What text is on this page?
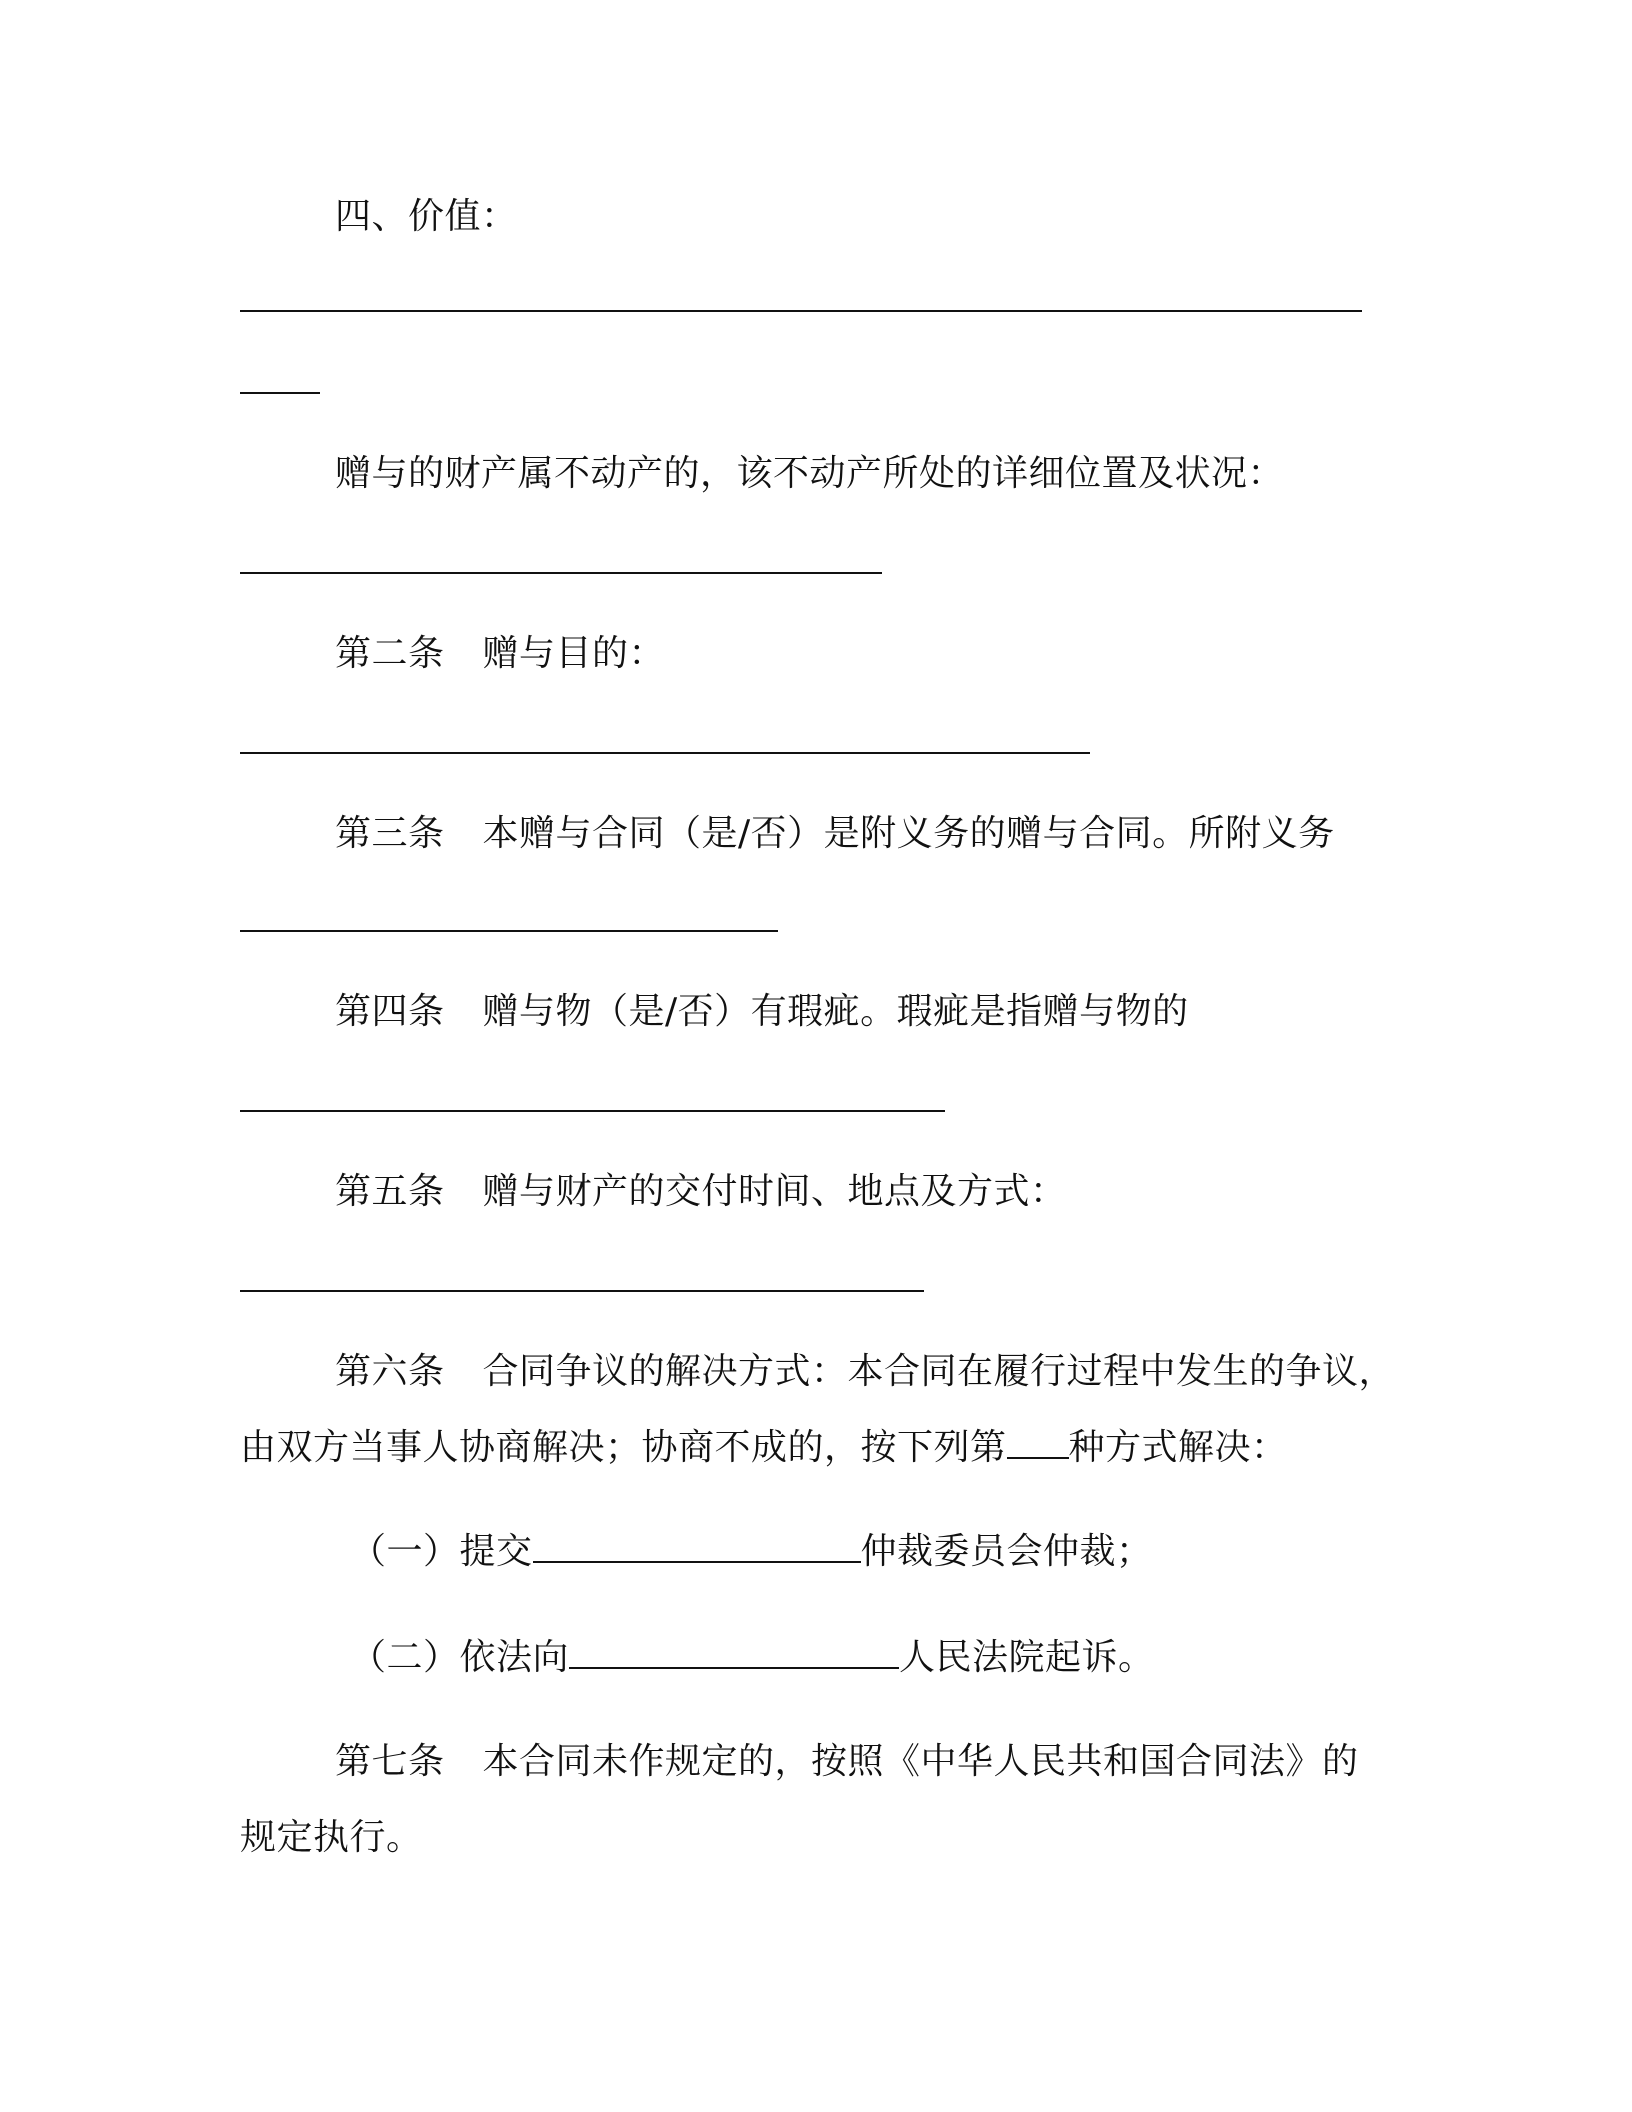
四、价值：
赠与的财产属不动产的，该不动产所处的详细位置及状况：
第二条 赠与目的：
第三条 本赠与合同（是/否）是附义务的赠与合同。所附义务
第四条 赠与物（是/否）有瑕疵。瑕疵是指赠与物的
第五条 赠与财产的交付时间、地点及方式：
第六条 合同争议的解决方式：本合同在履行过程中发生的争议，
由双方当事人协商解决；协商不成的，按下列第 种方式解决：
（一）提交	仲裁委员会仲裁；
（二）依法向	人民法院起诉。
第七条 本合同未作规定的，按照《中华人民共和国合同法》的
规定执行。
